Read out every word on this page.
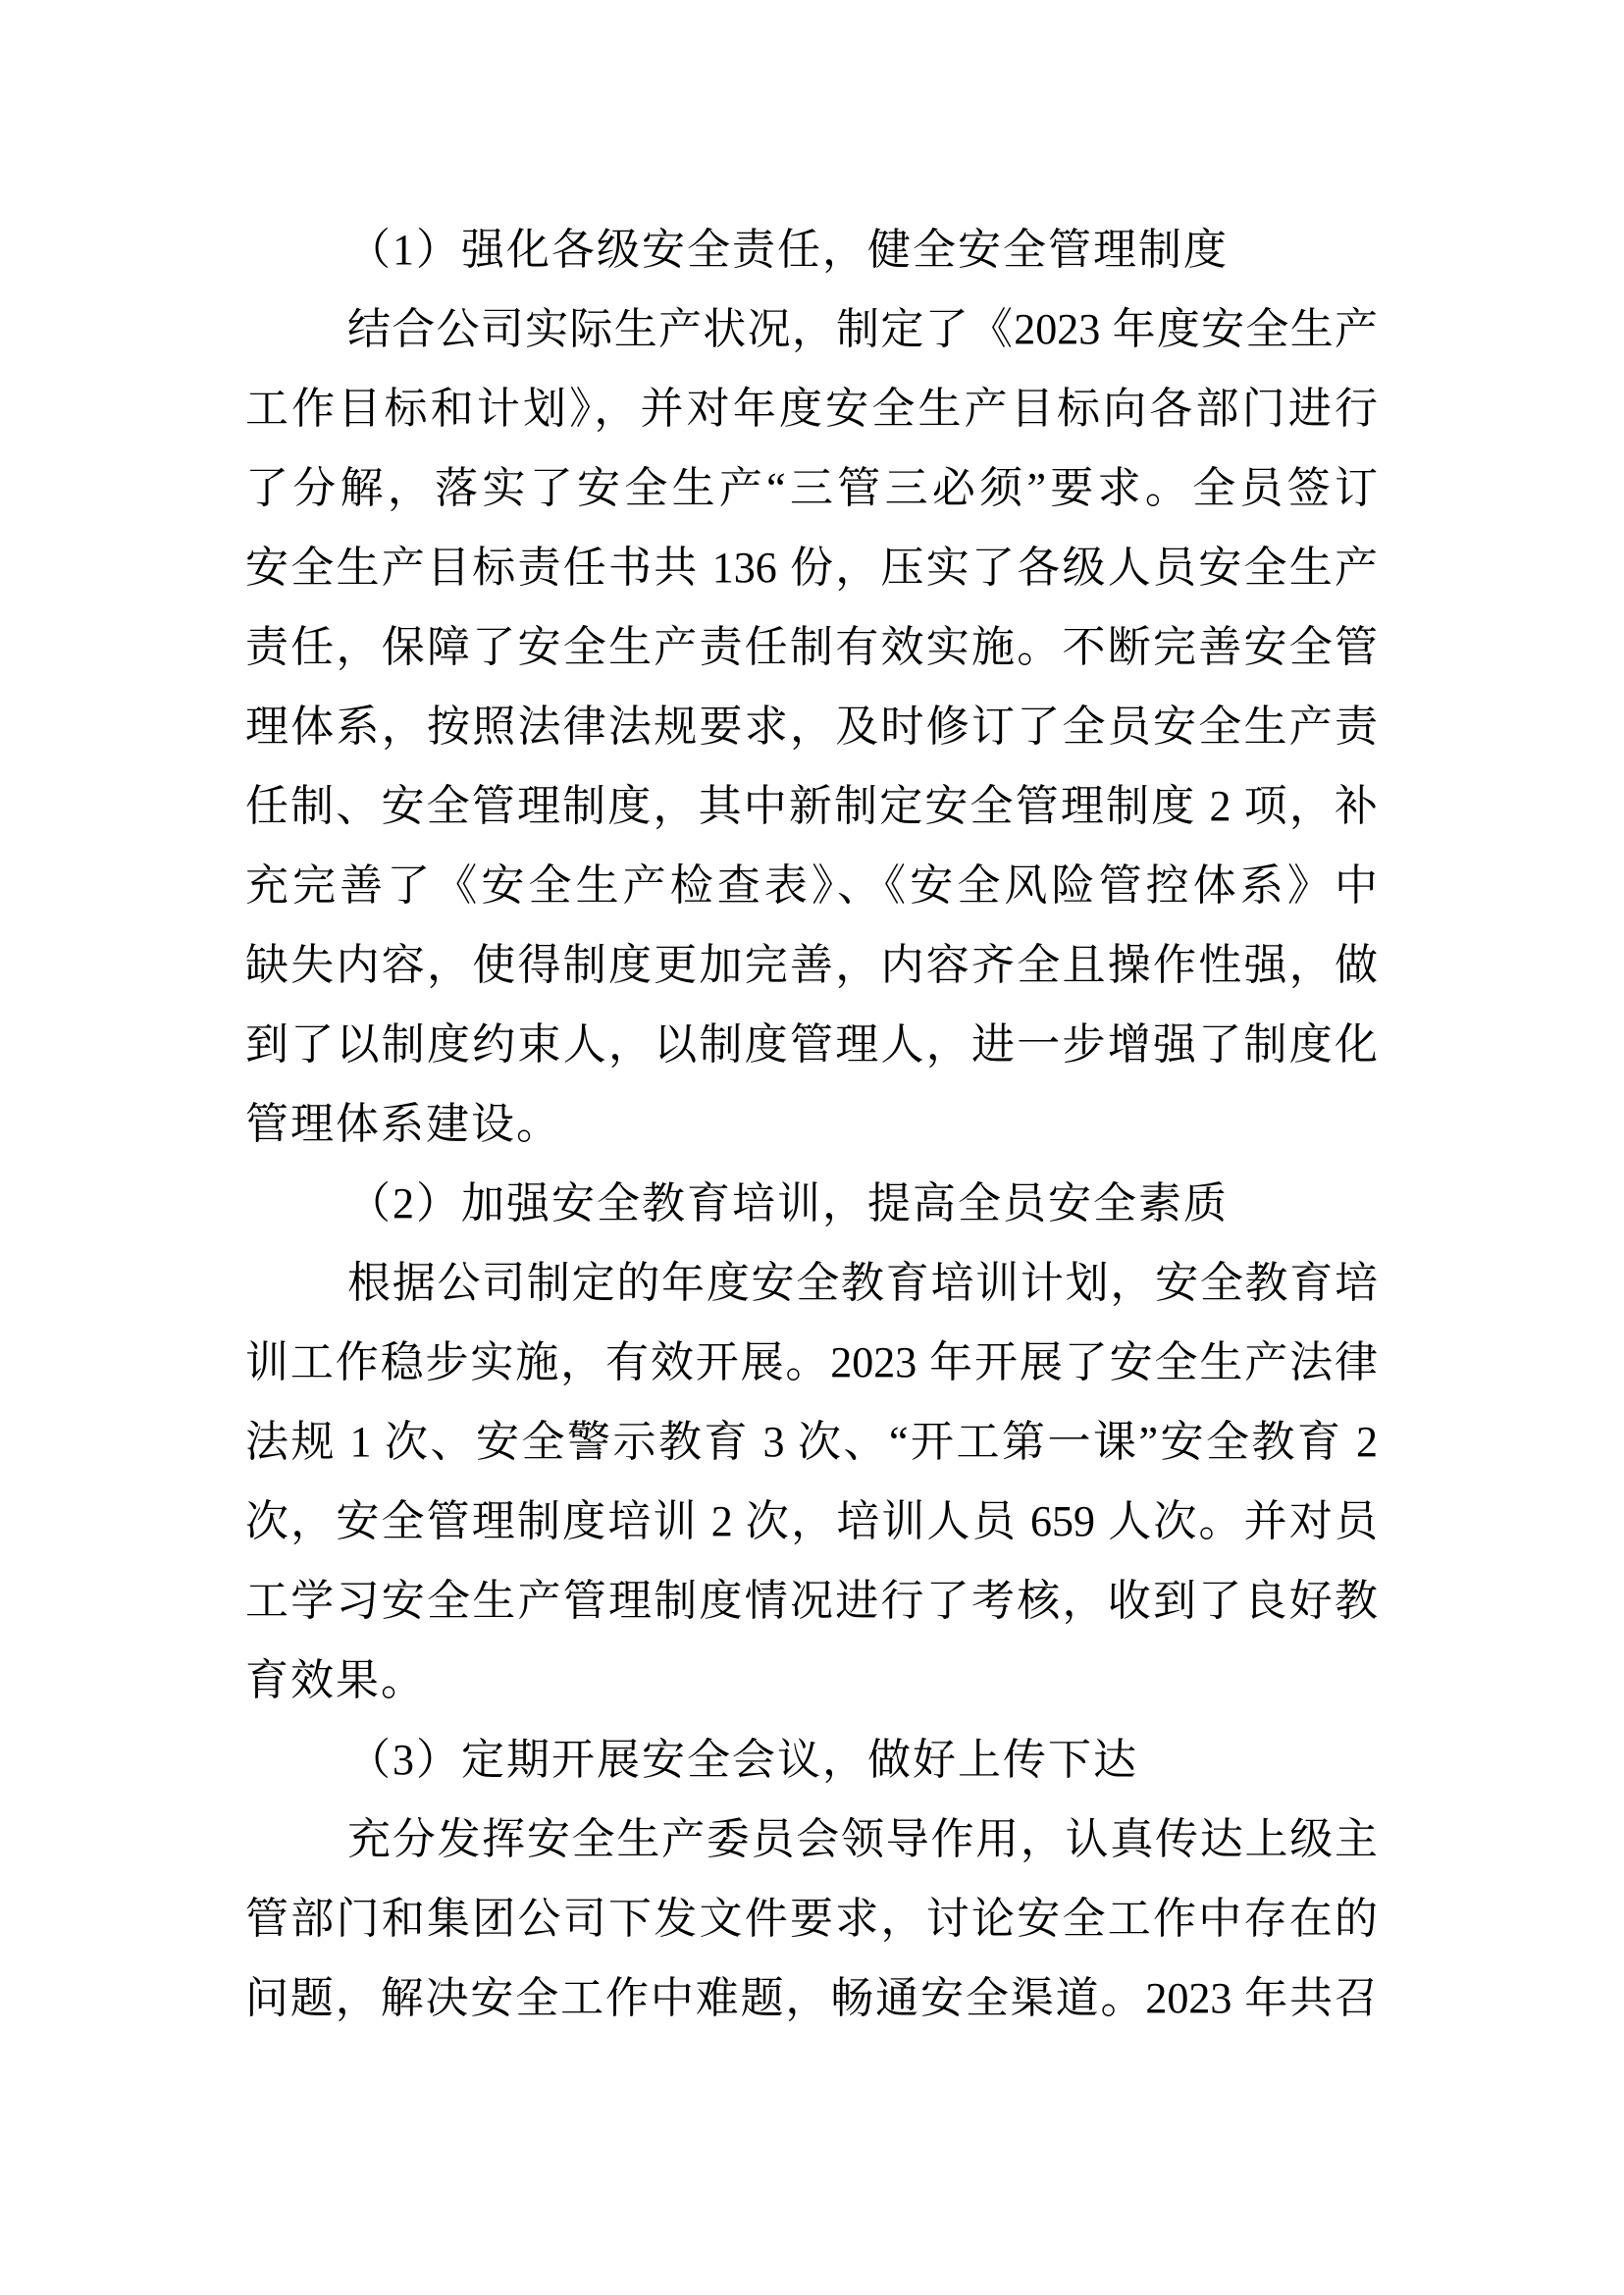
（1）强化各级安全责任，健全安全管理制度
结合公司实际生产状况，制定了《2023 年度安全生产
工作目标和计划》，并对年度安全生产目标向各部门进行
了分解，落实了安全生产“三管三必须”要求。全员签订
安全生产目标责任书共 136 份，压实了各级人员安全生产
责任，保障了安全生产责任制有效实施。不断完善安全管
理体系，按照法律法规要求，及时修订了全员安全生产责
任制、安全管理制度，其中新制定安全管理制度 2 项，补
充完善了《安全生产检查表》、《安全风险管控体系》中
缺失内容，使得制度更加完善，内容齐全且操作性强，做
到了以制度约束人，以制度管理人，进一步增强了制度化
管理体系建设。
（2）加强安全教育培训，提高全员安全素质
根据公司制定的年度安全教育培训计划，安全教育培
训工作稳步实施，有效开展。2023 年开展了安全生产法律
法规 1 次、安全警示教育 3 次、“开工第一课”安全教育 2
次，安全管理制度培训 2 次，培训人员 659 人次。并对员
工学习安全生产管理制度情况进行了考核，收到了良好教
育效果。
（3）定期开展安全会议，做好上传下达
充分发挥安全生产委员会领导作用，认真传达上级主
管部门和集团公司下发文件要求，讨论安全工作中存在的
问题，解决安全工作中难题，畅通安全渠道。2023 年共召
